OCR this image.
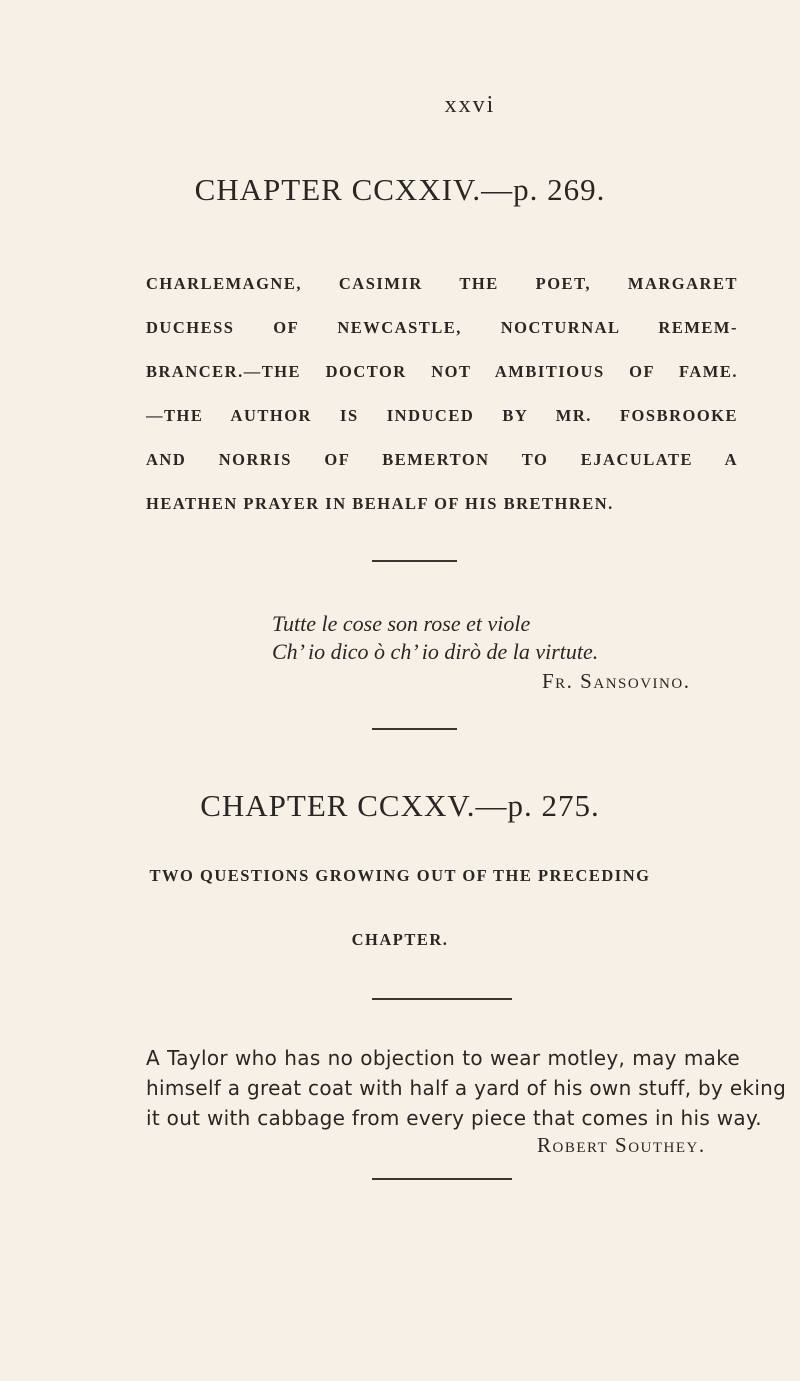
xxvi
CHAPTER CCXXIV.—p. 269.
CHARLEMAGNE, CASIMIR THE POET, MARGARET
DUCHESS OF NEWCASTLE, NOCTURNAL REMEM-
BRANCER.—THE DOCTOR NOT AMBITIOUS OF FAME.
—THE AUTHOR IS INDUCED BY MR. FOSBROOKE
AND NORRIS OF BEMERTON TO EJACULATE A
HEATHEN PRAYER IN BEHALF OF HIS BRETHREN.
Tutte le cose son rose et viole
Ch’ io dico ò ch’ io dirò de la virtute.
Fr. Sansovino.
CHAPTER CCXXV.—p. 275.
TWO QUESTIONS GROWING OUT OF THE PRECEDING
CHAPTER.
A Taylor who has no objection to wear motley, may make
himself a great coat with half a yard of his own stuff, by eking
it out with cabbage from every piece that comes in his way.
Robert Southey.
